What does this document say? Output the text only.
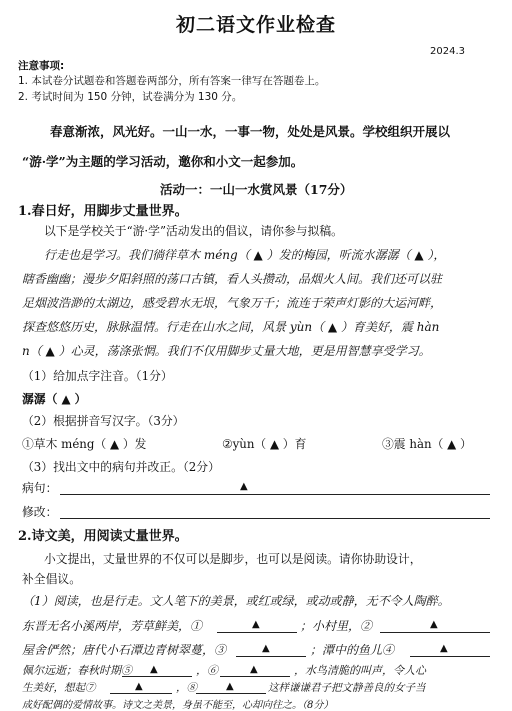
初二语文作业检查
2024.3
注意事项:
1. 本试卷分试题卷和答题卷两部分，所有答案一律写在答题卷上。
2. 考试时间为 150 分钟，试卷满分为 130 分。
春意渐浓，风光好。一山一水，一事一物，处处是风景。学校组织开展以
“游·学”为主题的学习活动，邀你和小文一起参加。
活动一：一山一水赏风景（17分）
1.春日好，用脚步丈量世界。
以下是学校关于“游·学”活动发出的倡议，请你参与拟稿。
行走也是学习。我们徜徉草木 méng（ ▲ ）发的梅园，听流水潺潺（ ▲ ），
瞎香幽幽；漫步夕阳斜照的荡口古镇，看人头攒动，品烟火人间。我们还可以驻
足烟波浩渺的太湖边，感受碧水无垠，气象万千；流连于荣声灯影的大运河畔，
探查悠悠历史，脉脉温情。行走在山水之间，风景 yùn（ ▲ ）育美好，震 hàn
n（ ▲ ）心灵，荡涤张惘。我们不仅用脚步丈量大地，更是用智慧享受学习。
（1）给加点字注音。（1分）
潺潺（ ▲ ）
（2）根据拼音写汉字。（3分）
①草木 méng（ ▲ ）发	②yùn（ ▲ ）育	③震 hàn（ ▲ ）
（3）找出文中的病句并改正。（2分）
病句：	▲
修改：
2.诗文美，用阅读丈量世界。
小文提出，丈量世界的不仅可以是脚步，也可以是阅读。请你协助设计，
补全倡议。
（1）阅读，也是行走。文人笔下的美景，或红或绿，或动或静，无不令人陶醉。
东晋无名小溪两岸，芳草鲜美，①	▲	；小村里，②	▲
屋舍俨然；唐代小石潭边青树翠蔓，③	▲	；潭中的鱼儿④	▲
佩尔远逝；春秋时期⑤ ▲	，⑥	▲	，水鸟清脆的叫声，令人心
生美好，想起⑦	▲	，⑧	▲	这样谦谦君子把文静善良的女子当
成好配偶的爱情故事。诗文之美景，身虽不能至，心却向往之。（8分）
